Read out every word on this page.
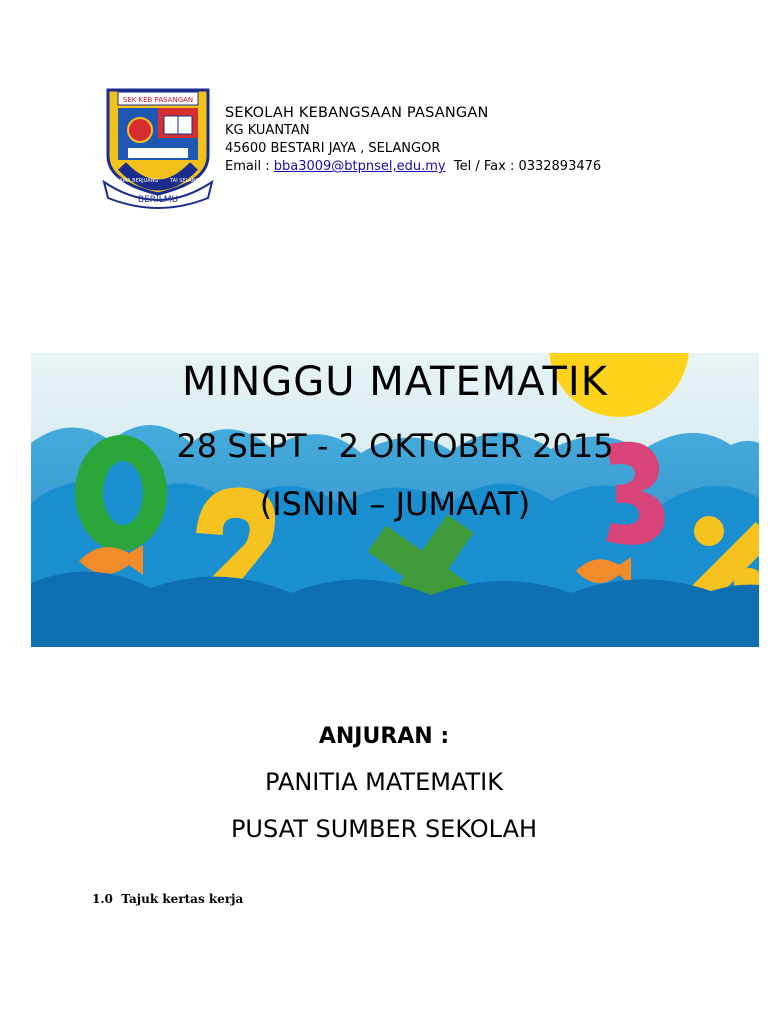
SEK KEB PASANGAN
BERILMU
BERSAMA BERJUANG TAI SELANGOR
SEKOLAH KEBANGSAAN PASANGAN
KG KUANTAN
45600 BESTARI JAYA , SELANGOR
Email : bba3009@btpnsel,edu.my Tel / Fax : 0332893476
MINGGU MATEMATIK
28 SEPT - 2 OKTOBER 2015
(ISNIN – JUMAAT)
ANJURAN :
PANITIA MATEMATIK
PUSAT SUMBER SEKOLAH
1.0 Tajuk kertas kerja
